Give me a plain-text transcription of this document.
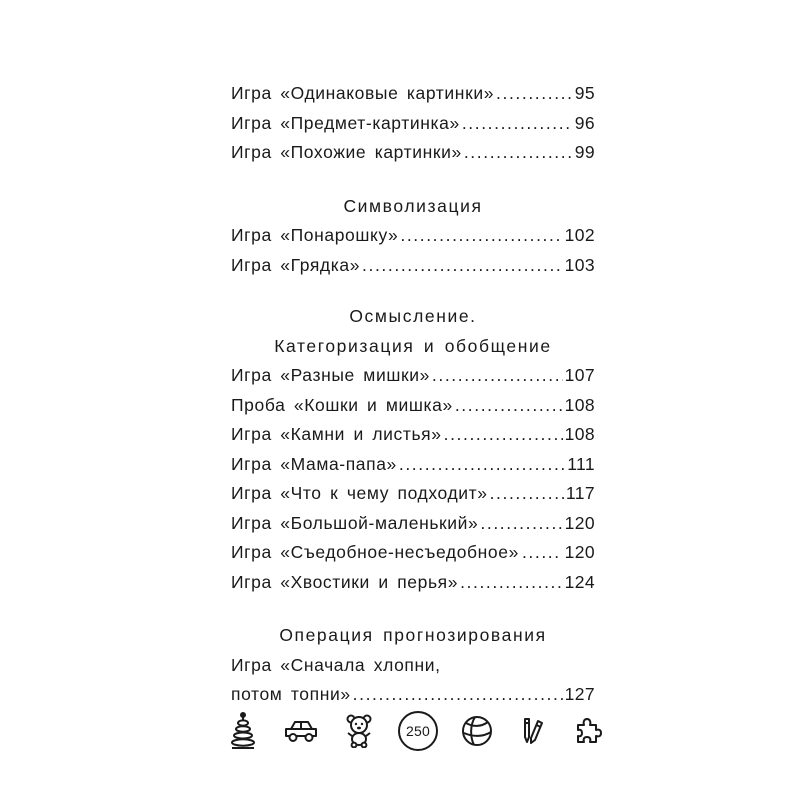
Игра «Одинаковые картинки» .....	95
Игра «Предмет-картинка» .....	96
Игра «Похожие картинки» .....	99
Символизация
Игра «Понарошку» .....	102
Игра «Грядка» .....	103
Осмысление.
Категоризация и обобщение
Игра «Разные мишки» .....	107
Проба «Кошки и мишка» .....	108
Игра «Камни и листья» .....	108
Игра «Мама-папа» .....	111
Игра «Что к чему подходит» .....	117
Игра «Большой-маленький» .....	120
Игра «Съедобное-несъедобное» .....	120
Игра «Хвостики и перья» .....	124
Операция прогнозирования
Игра «Сначала хлопни,
потом топни» .....	127
250
